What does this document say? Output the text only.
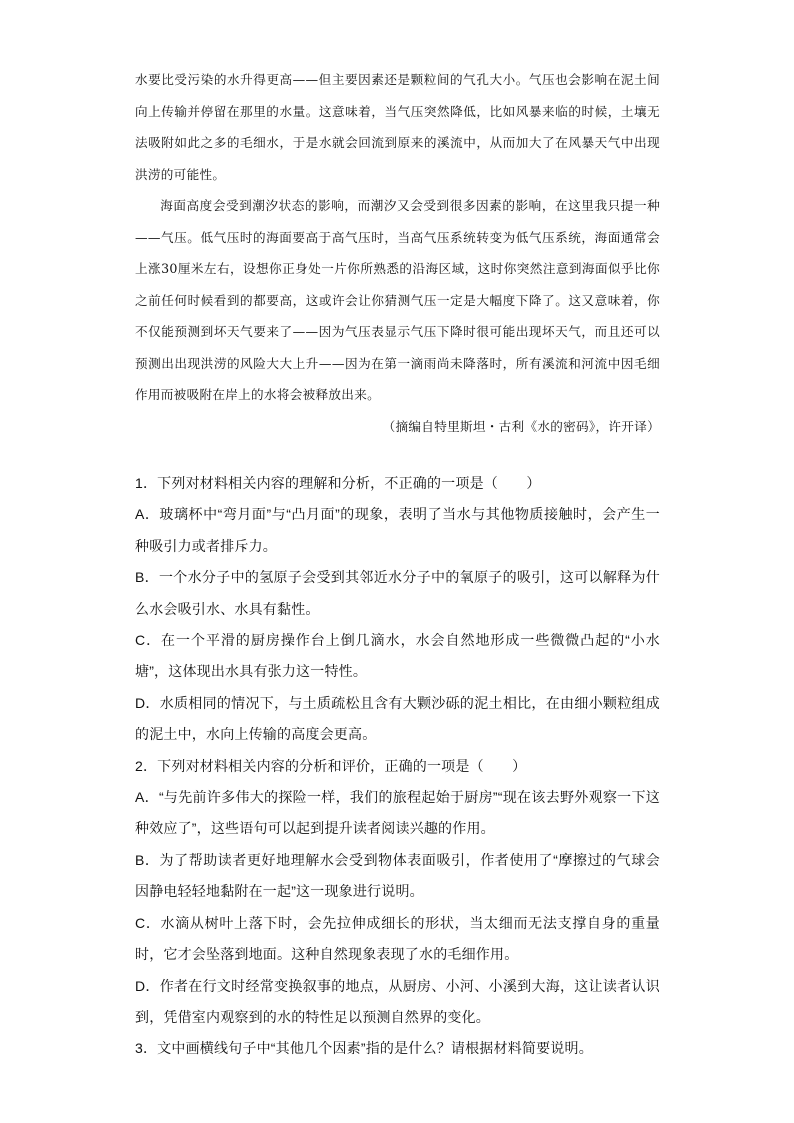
水要比受污染的水升得更高——但主要因素还是颗粒间的气孔大小。气压也会影响在泥土间向上传输并停留在那里的水量。这意味着，当气压突然降低，比如风暴来临的时候，土壤无法吸附如此之多的毛细水，于是水就会回流到原来的溪流中，从而加大了在风暴天气中出现洪涝的可能性。

海面高度会受到潮汐状态的影响，而潮汐又会受到很多因素的影响，在这里我只提一种——气压。低气压时的海面要高于高气压时，当高气压系统转变为低气压系统，海面通常会上涨30厘米左右，设想你正身处一片你所熟悉的沿海区域，这时你突然注意到海面似乎比你之前任何时候看到的都要高，这或许会让你猜测气压一定是大幅度下降了。这又意味着，你不仅能预测到坏天气要来了——因为气压表显示气压下降时很可能出现坏天气，而且还可以预测出出现洪涝的风险大大上升——因为在第一滴雨尚未降落时，所有溪流和河流中因毛细作用而被吸附在岸上的水将会被释放出来。

（摘编自特里斯坦・古利《水的密码》，许开译）

1．下列对材料相关内容的理解和分析，不正确的一项是（　　）

A．玻璃杯中“弯月面”与“凸月面”的现象，表明了当水与其他物质接触时，会产生一种吸引力或者排斥力。

B．一个水分子中的氢原子会受到其邻近水分子中的氧原子的吸引，这可以解释为什么水会吸引水、水具有黏性。

C．在一个平滑的厨房操作台上倒几滴水，水会自然地形成一些微微凸起的“小水塘”，这体现出水具有张力这一特性。

D．水质相同的情况下，与土质疏松且含有大颗沙砾的泥土相比，在由细小颗粒组成的泥土中，水向上传输的高度会更高。

2．下列对材料相关内容的分析和评价，正确的一项是（　　）

A．“与先前许多伟大的探险一样，我们的旅程起始于厨房”“现在该去野外观察一下这种效应了”，这些语句可以起到提升读者阅读兴趣的作用。

B．为了帮助读者更好地理解水会受到物体表面吸引，作者使用了“摩擦过的气球会因静电轻轻地黏附在一起”这一现象进行说明。

C．水滴从树叶上落下时，会先拉伸成细长的形状，当太细而无法支撑自身的重量时，它才会坠落到地面。这种自然现象表现了水的毛细作用。

D．作者在行文时经常变换叙事的地点，从厨房、小河、小溪到大海，这让读者认识到，凭借室内观察到的水的特性足以预测自然界的变化。

3．文中画横线句子中“其他几个因素”指的是什么？请根据材料简要说明。
